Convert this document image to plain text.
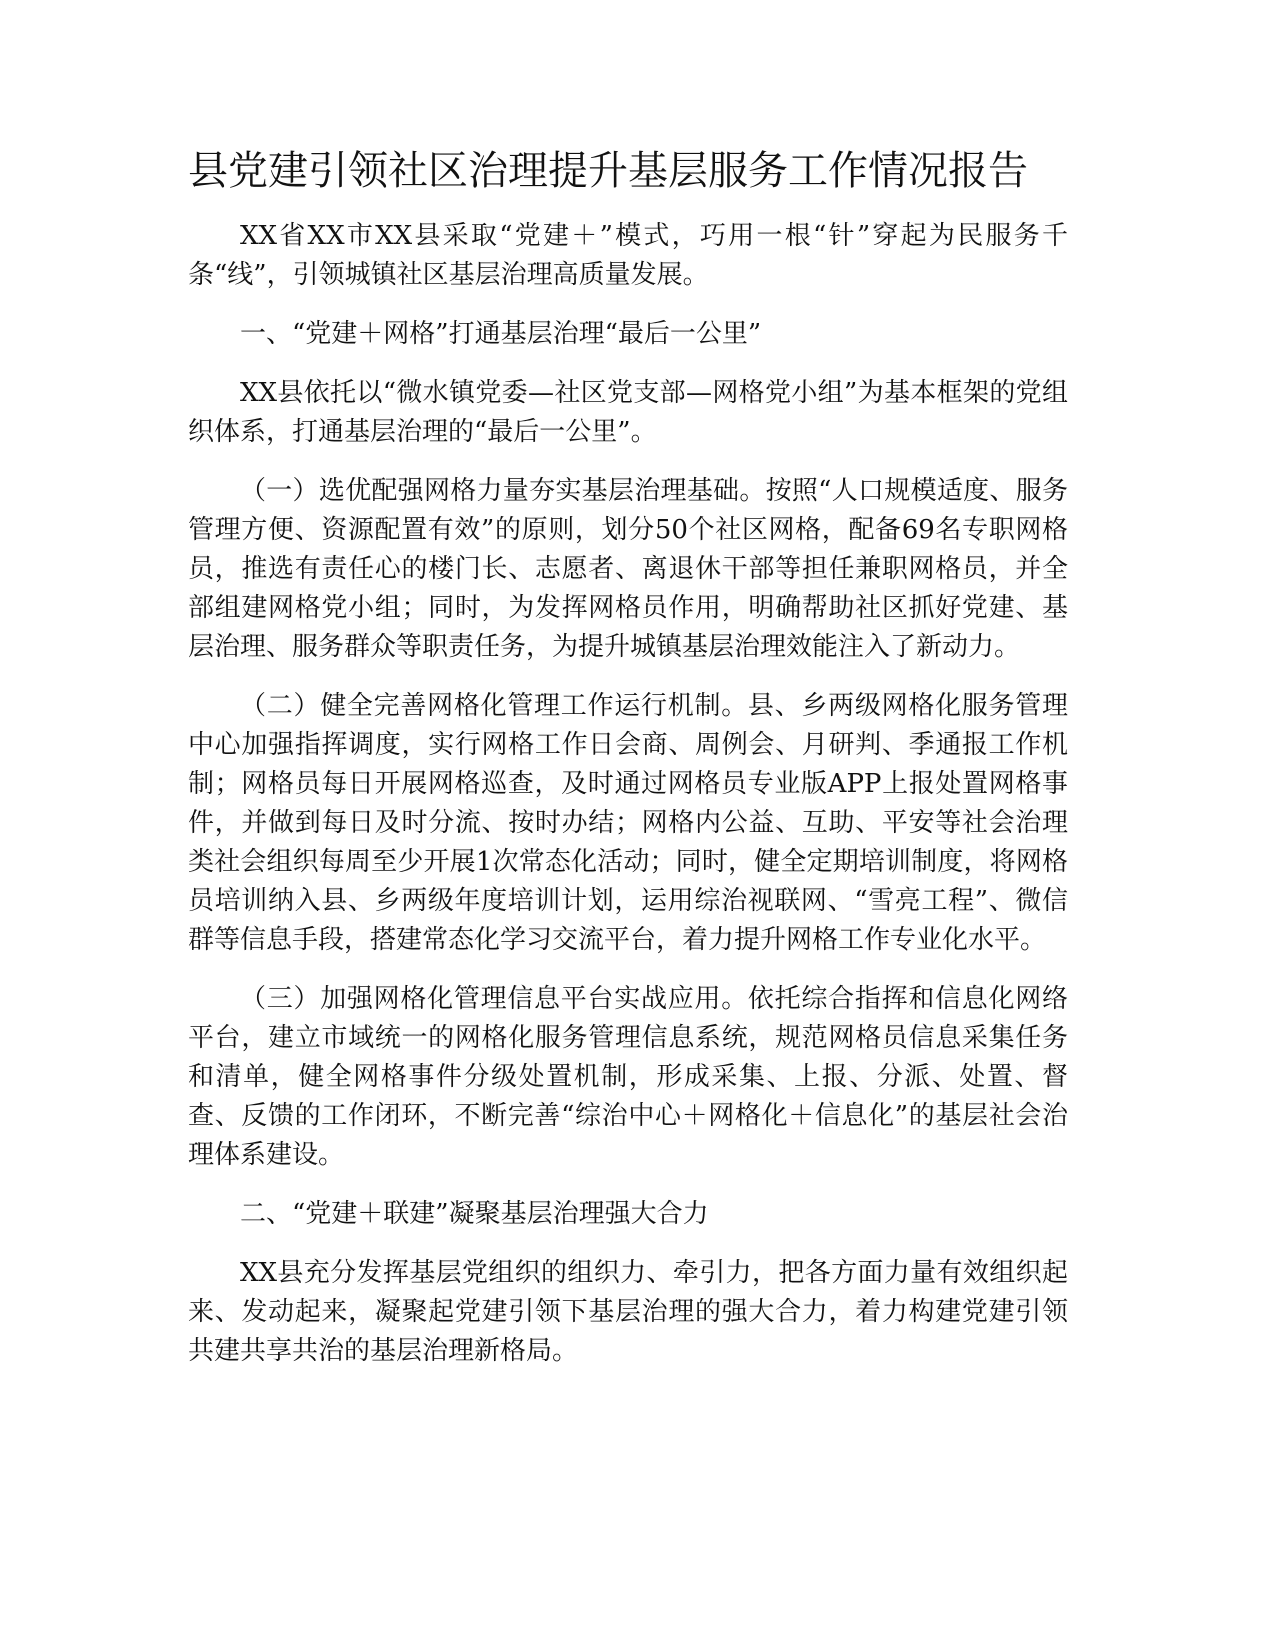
县党建引领社区治理提升基层服务工作情况报告

XX省XX市XX县采取“党建＋”模式，巧用一根“针”穿起为民服务千条“线”，引领城镇社区基层治理高质量发展。

一、“党建＋网格”打通基层治理“最后一公里”

XX县依托以“微水镇党委—社区党支部—网格党小组”为基本框架的党组织体系，打通基层治理的“最后一公里”。

（一）选优配强网格力量夯实基层治理基础。按照“人口规模适度、服务管理方便、资源配置有效”的原则，划分50个社区网格，配备69名专职网格员，推选有责任心的楼门长、志愿者、离退休干部等担任兼职网格员，并全部组建网格党小组；同时，为发挥网格员作用，明确帮助社区抓好党建、基层治理、服务群众等职责任务，为提升城镇基层治理效能注入了新动力。

（二）健全完善网格化管理工作运行机制。县、乡两级网格化服务管理中心加强指挥调度，实行网格工作日会商、周例会、月研判、季通报工作机制；网格员每日开展网格巡查，及时通过网格员专业版APP上报处置网格事件，并做到每日及时分流、按时办结；网格内公益、互助、平安等社会治理类社会组织每周至少开展1次常态化活动；同时，健全定期培训制度，将网格员培训纳入县、乡两级年度培训计划，运用综治视联网、“雪亮工程”、微信群等信息手段，搭建常态化学习交流平台，着力提升网格工作专业化水平。

（三）加强网格化管理信息平台实战应用。依托综合指挥和信息化网络平台，建立市域统一的网格化服务管理信息系统，规范网格员信息采集任务和清单，健全网格事件分级处置机制，形成采集、上报、分派、处置、督查、反馈的工作闭环，不断完善“综治中心＋网格化＋信息化”的基层社会治理体系建设。

二、“党建＋联建”凝聚基层治理强大合力

XX县充分发挥基层党组织的组织力、牵引力，把各方面力量有效组织起来、发动起来，凝聚起党建引领下基层治理的强大合力，着力构建党建引领共建共享共治的基层治理新格局。
